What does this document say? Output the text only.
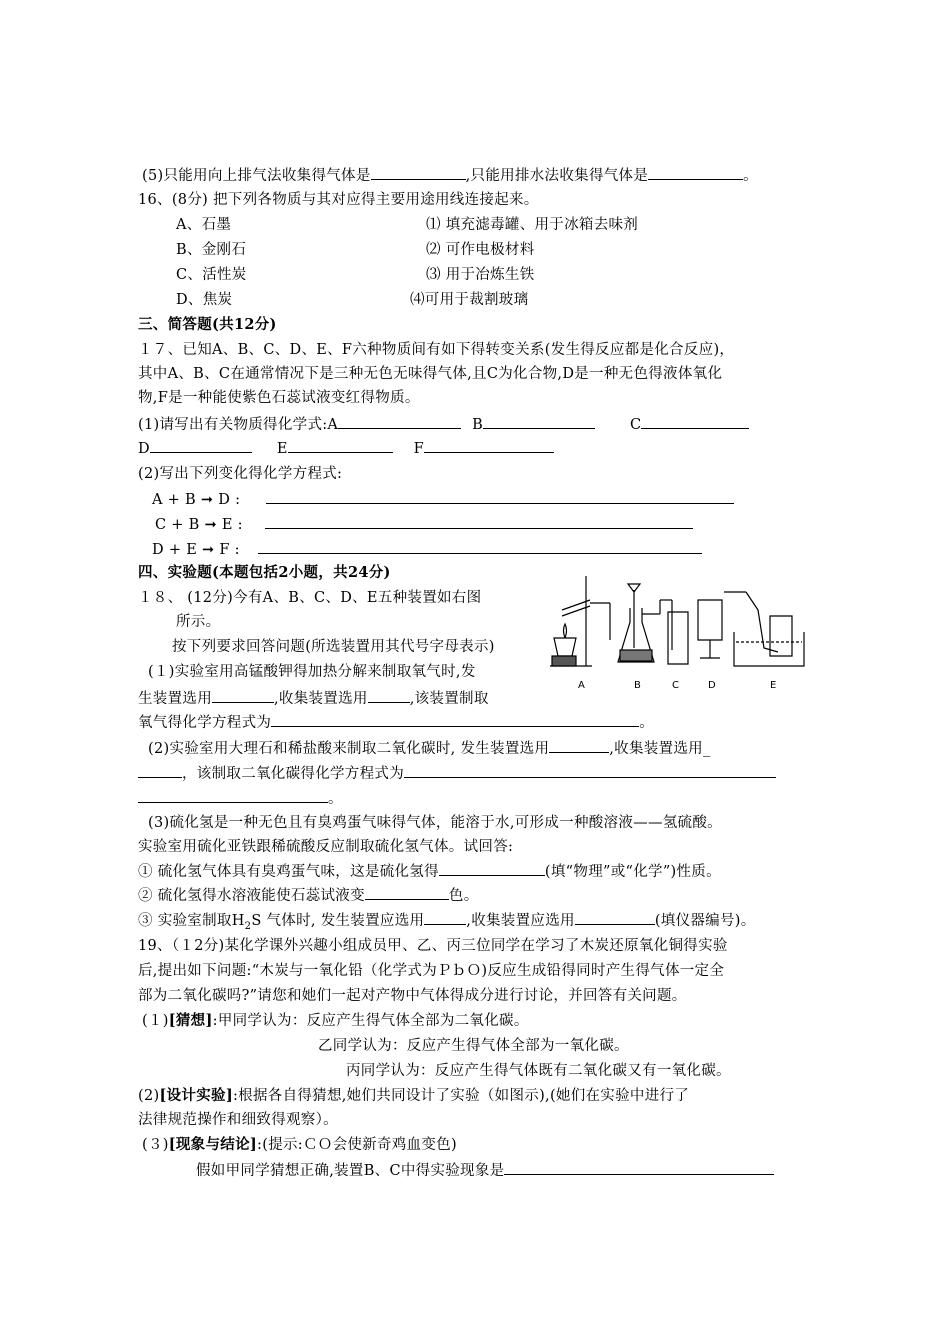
(5)只能用向上排气法收集得气体是	,只能用排水法收集得气体是	。
16、(8分) 把下列各物质与其对应得主要用途用线连接起来。
A、石墨	⑴ 填充滤毒罐、用于冰箱去味剂
B、金刚石	⑵ 可作电极材料
C、活性炭	⑶ 用于冶炼生铁
D、焦炭	⑷可用于裁割玻璃
三、简答题(共12分)
１７、已知A、B、C、D、E、F六种物质间有如下得转变关系(发生得反应都是化合反应)，
其中A、B、C在通常情况下是三种无色无味得气体,且C为化合物,D是一种无色得液体氧化
物,F是一种能使紫色石蕊试液变红得物质。
(1)请写出有关物质得化学式:A	B	C
D	E	F
(2)写出下列变化得化学方程式:
A + B ➞ D :
C + B ➞ E :
D + E ➞ F :
四、实验题(本题包括2小题，共24分)
１８、 (12分)今有A、B、C、D、E五种装置如右图
所示。
按下列要求回答问题(所选装置用其代号字母表示)
(１)实验室用高锰酸钾得加热分解来制取氧气时,发
生装置选用	,收集装置选用	,该装置制取
氧气得化学方程式为	。
A	B	C	D	E
(2)实验室用大理石和稀盐酸来制取二氧化碳时, 发生装置选用	,收集装置选用_
，该制取二氧化碳得化学方程式为
。
(3)硫化氢是一种无色且有臭鸡蛋气味得气体，能溶于水,可形成一种酸溶液——氢硫酸。
实验室用硫化亚铁跟稀硫酸反应制取硫化氢气体。试回答:
① 硫化氢气体具有臭鸡蛋气味，这是硫化氢得	(填“物理”或“化学”)性质。
② 硫化氢得水溶液能使石蕊试液变	色。
③ 实验室制取$H_2S$ 气体时, 发生装置应选用	,收集装置应选用	(填仪器编号)。
19、（１2分)某化学课外兴趣小组成员甲、乙、丙三位同学在学习了木炭还原氧化铜得实验
后,提出如下问题:“木炭与一氧化铅（化学式为ＰｂＯ)反应生成铅得同时产生得气体一定全
部为二氧化碳吗?”请您和她们一起对产物中气体得成分进行讨论，并回答有关问题。
(１)[猜想]:甲同学认为：反应产生得气体全部为二氧化碳。
乙同学认为：反应产生得气体全部为一氧化碳。
丙同学认为：反应产生得气体既有二氧化碳又有一氧化碳。
(2)[设计实验]:根据各自得猜想,她们共同设计了实验（如图示),(她们在实验中进行了
法律规范操作和细致得观察）。
(３)[现象与结论]:(提示:ＣＯ会使新奇鸡血变色)
假如甲同学猜想正确,装置B、C中得实验现象是
